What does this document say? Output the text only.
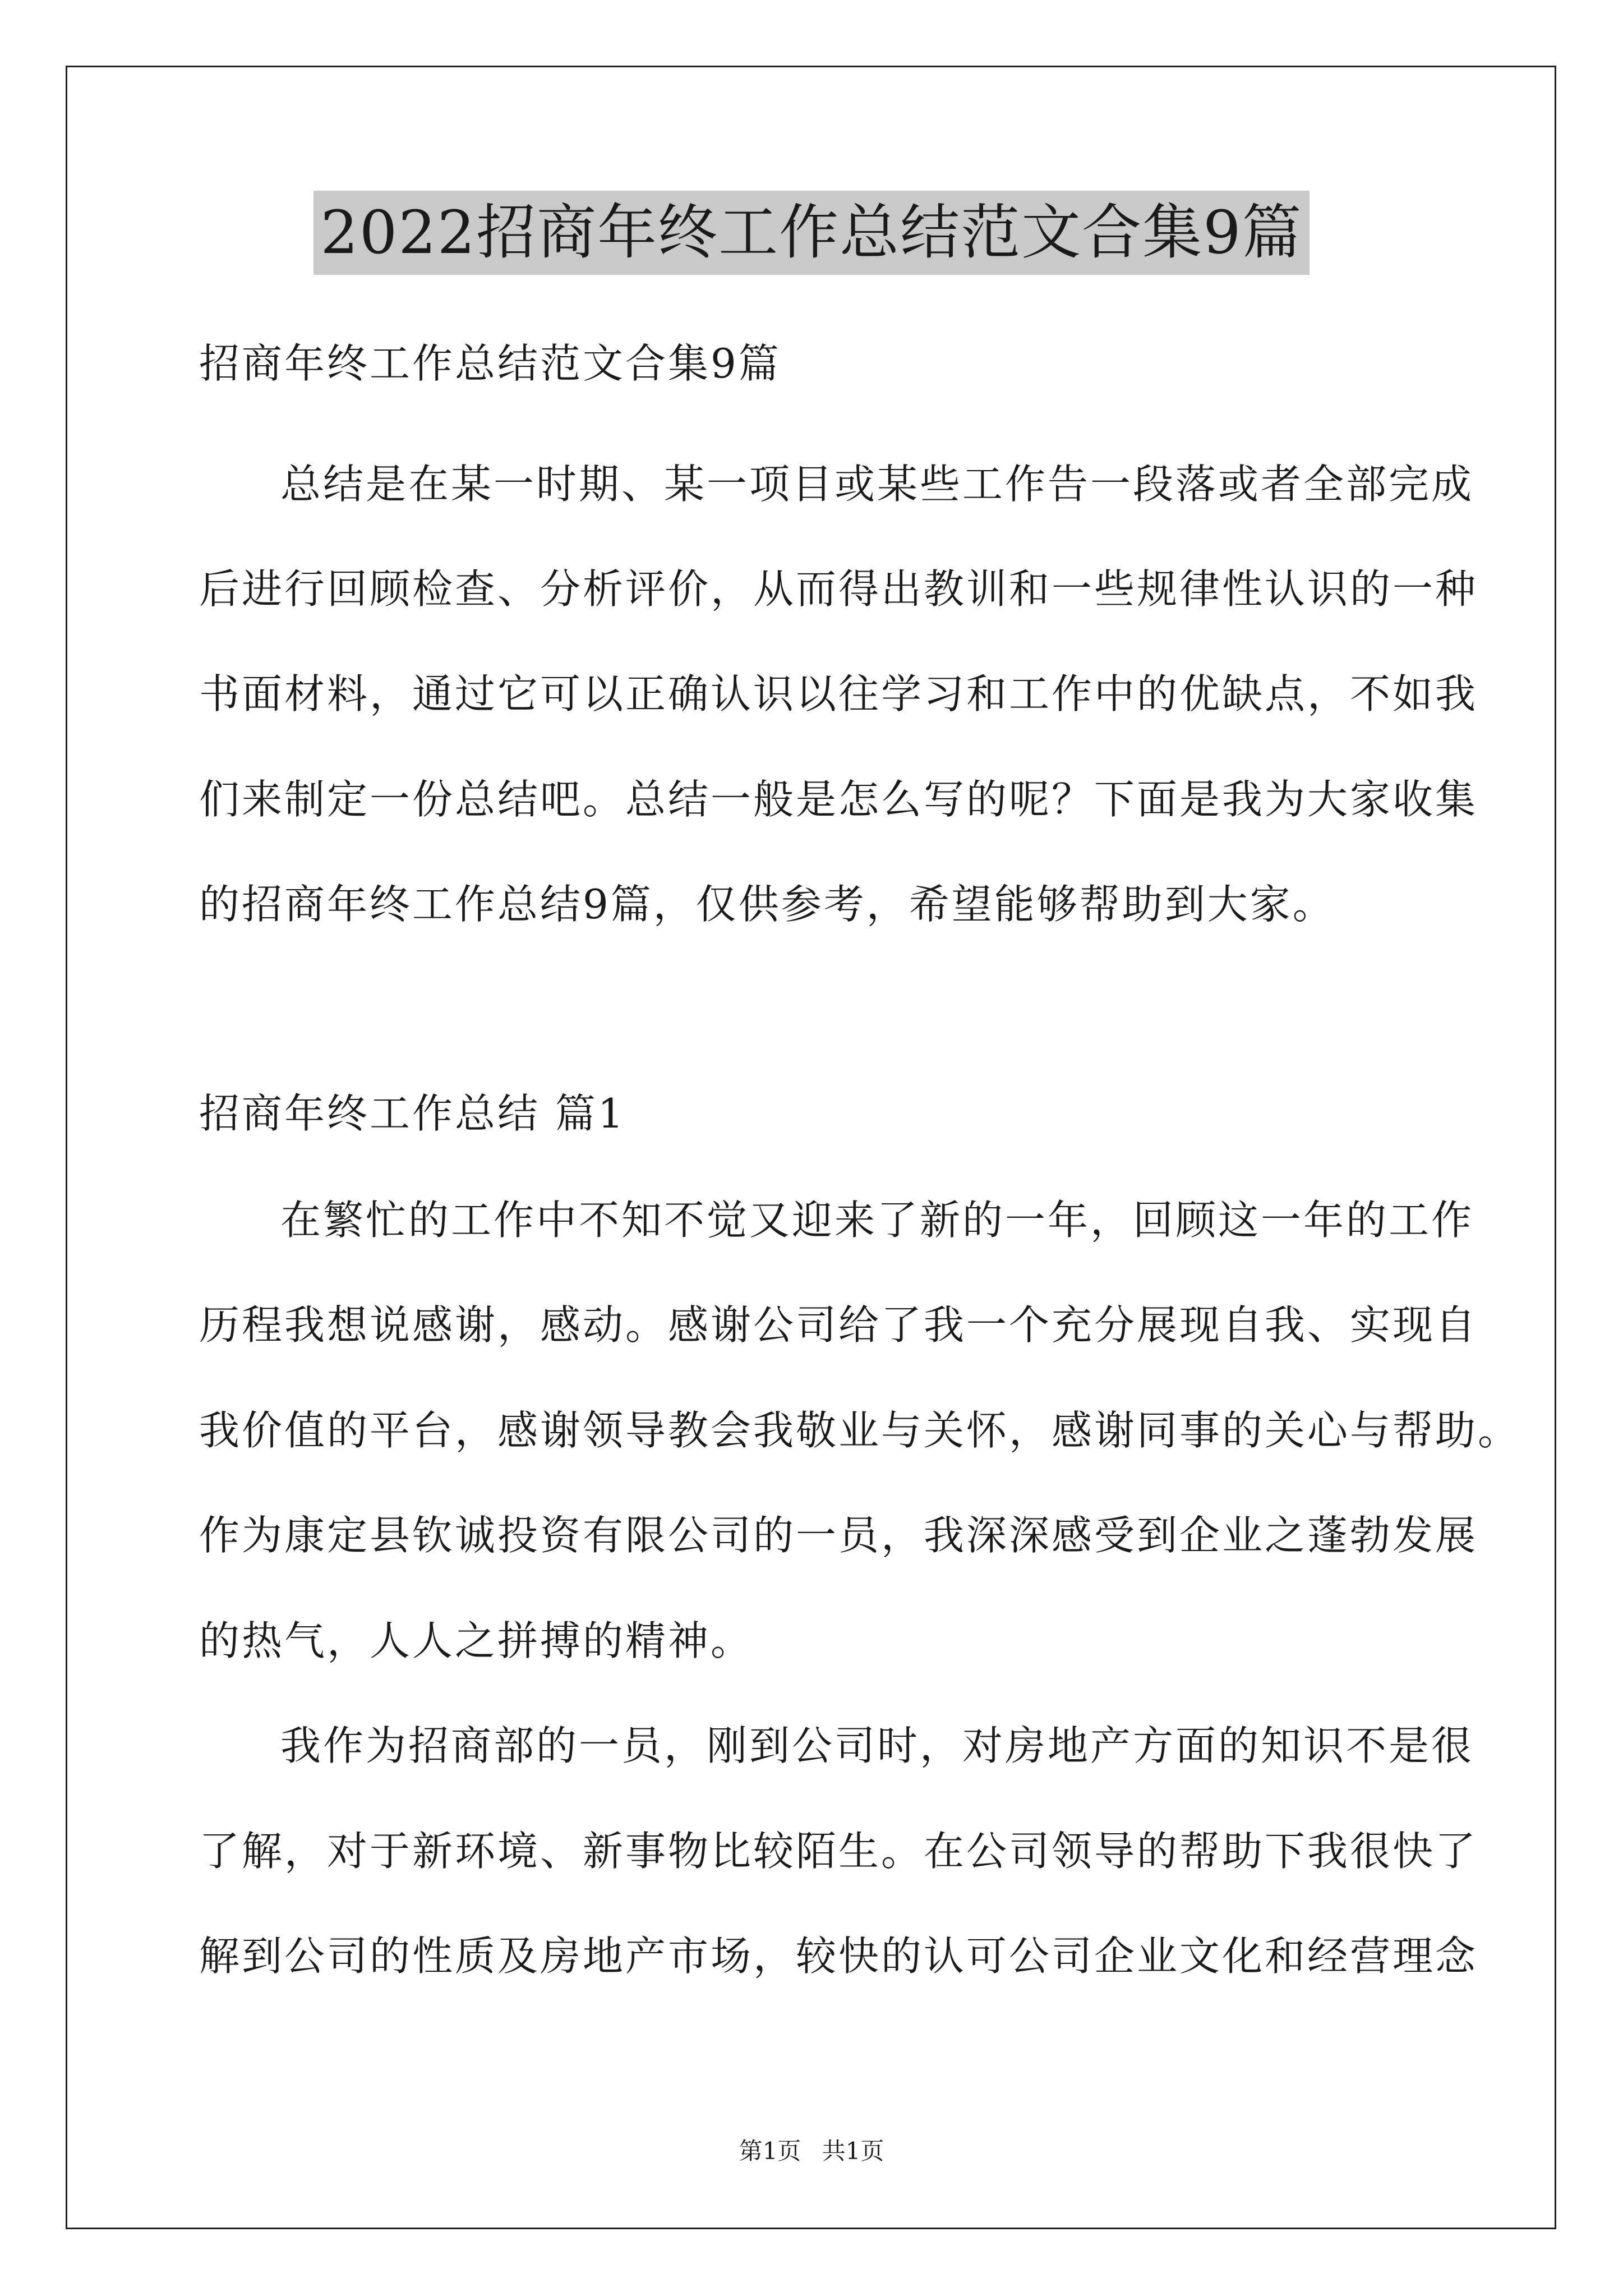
2022招商年终工作总结范文合集9篇
招商年终工作总结范文合集9篇
总结是在某一时期、某一项目或某些工作告一段落或者全部完成
后进行回顾检查、分析评价，从而得出教训和一些规律性认识的一种
书面材料，通过它可以正确认识以往学习和工作中的优缺点，不如我
们来制定一份总结吧。总结一般是怎么写的呢？下面是我为大家收集
的招商年终工作总结9篇，仅供参考，希望能够帮助到大家。
招商年终工作总结 篇1
在繁忙的工作中不知不觉又迎来了新的一年，回顾这一年的工作
历程我想说感谢，感动。感谢公司给了我一个充分展现自我、实现自
我价值的平台，感谢领导教会我敬业与关怀，感谢同事的关心与帮助。
作为康定县钦诚投资有限公司的一员，我深深感受到企业之蓬勃发展
的热气，人人之拼搏的精神。
我作为招商部的一员，刚到公司时，对房地产方面的知识不是很
了解，对于新环境、新事物比较陌生。在公司领导的帮助下我很快了
解到公司的性质及房地产市场，较快的认可公司企业文化和经营理念
第1页 共1页
